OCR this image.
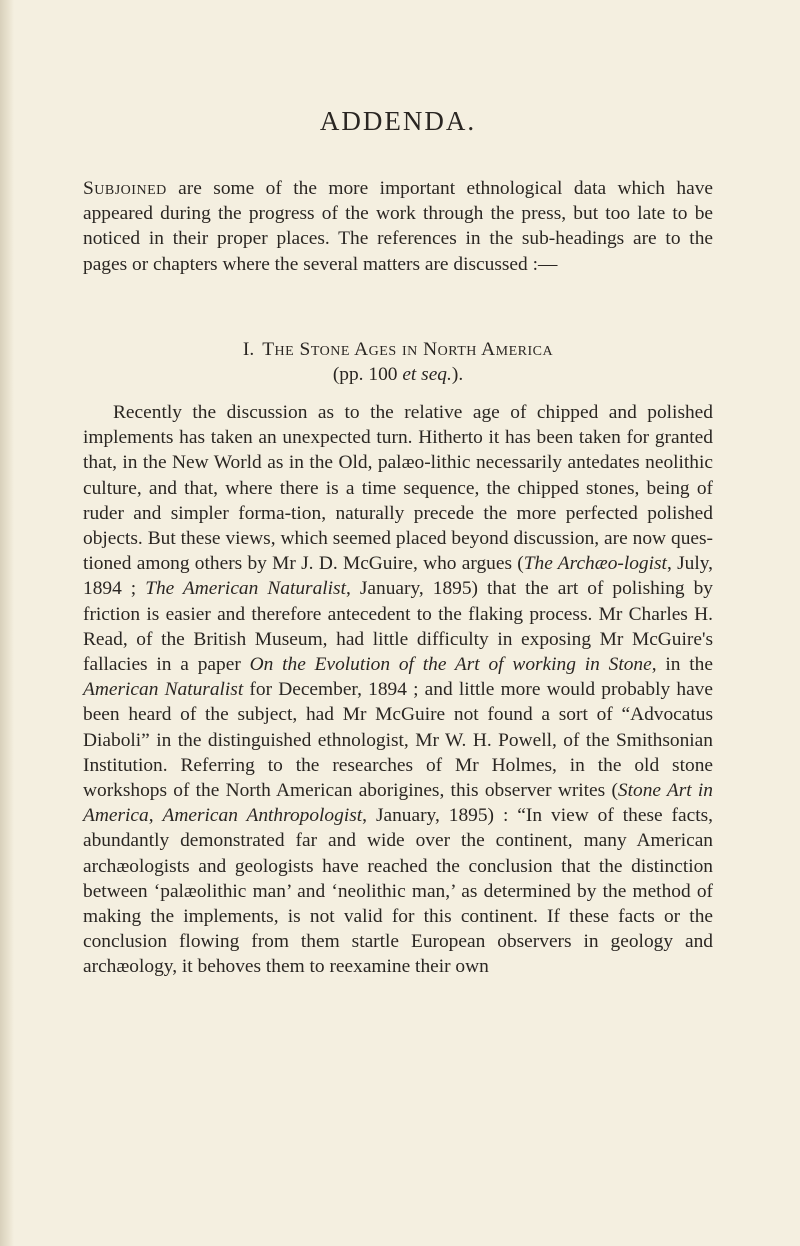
ADDENDA.

Subjoined are some of the more important ethnological data which have appeared during the progress of the work through the press, but too late to be noticed in their proper places. The references in the sub-headings are to the pages or chapters where the several matters are discussed :—

I. The Stone Ages in North America
(pp. 100 et seq.).

Recently the discussion as to the relative age of chipped and polished implements has taken an unexpected turn. Hitherto it has been taken for granted that, in the New World as in the Old, palæo-lithic necessarily antedates neolithic culture, and that, where there is a time sequence, the chipped stones, being of ruder and simpler forma-tion, naturally precede the more perfected polished objects. But these views, which seemed placed beyond discussion, are now ques-tioned among others by Mr J. D. McGuire, who argues (The Archæo-logist, July, 1894 ; The American Naturalist, January, 1895) that the art of polishing by friction is easier and therefore antecedent to the flaking process. Mr Charles H. Read, of the British Museum, had little difficulty in exposing Mr McGuire's fallacies in a paper On the Evolution of the Art of working in Stone, in the American Naturalist for December, 1894 ; and little more would probably have been heard of the subject, had Mr McGuire not found a sort of “Advocatus Diaboli” in the distinguished ethnologist, Mr W. H. Powell, of the Smithsonian Institution. Referring to the researches of Mr Holmes, in the old stone workshops of the North American aborigines, this observer writes (Stone Art in America, American Anthropologist, January, 1895) : “In view of these facts, abundantly demonstrated far and wide over the continent, many American archæologists and geologists have reached the conclusion that the distinction between ‘palæolithic man’ and ‘neolithic man,’ as determined by the method of making the implements, is not valid for this continent. If these facts or the conclusion flowing from them startle European observers in geology and archæology, it behoves them to reexamine their own
